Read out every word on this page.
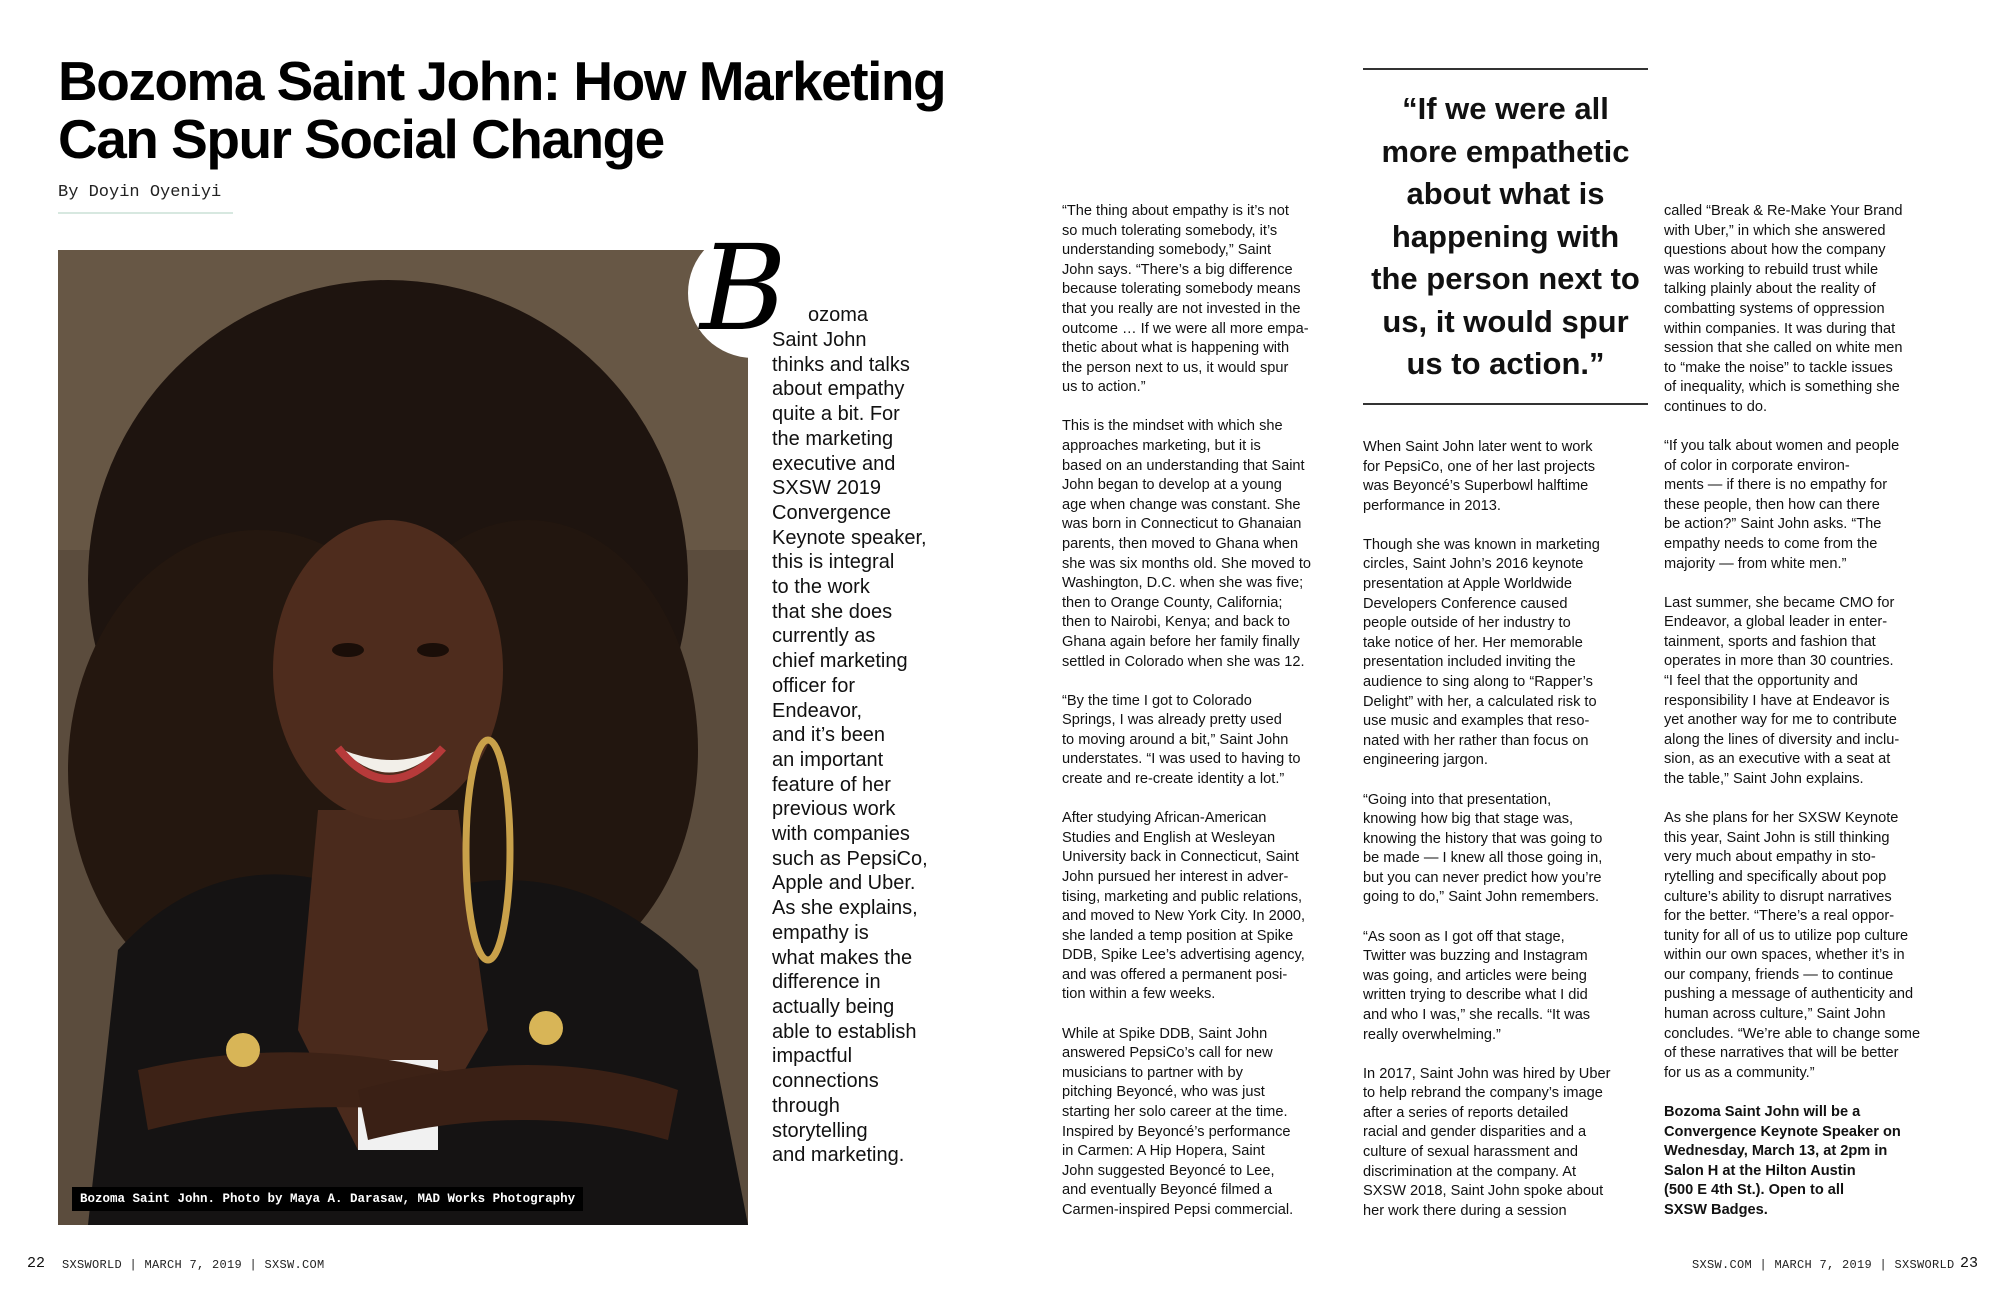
Bozoma Saint John: How Marketing Can Spur Social Change
By Doyin Oyeniyi
Bozoma Saint John. Photo by Maya A. Darasaw, MAD Works Photography
B ozoma
Saint John
thinks and talks
about empathy
quite a bit. For
the marketing
executive and
SXSW 2019
Convergence
Keynote speaker,
this is integral
to the work
that she does
currently as
chief marketing
officer for
Endeavor,
and it’s been
an important
feature of her
previous work
with companies
such as PepsiCo,
Apple and Uber.
As she explains,
empathy is
what makes the
difference in
actually being
able to establish
impactful
connections
through
storytelling
and marketing.

“The thing about empathy is it’s not
so much tolerating somebody, it’s
understanding somebody,” Saint
John says. “There’s a big difference
because tolerating somebody means
that you really are not invested in the
outcome … If we were all more empa-
thetic about what is happening with
the person next to us, it would spur
us to action.”

This is the mindset with which she
approaches marketing, but it is
based on an understanding that Saint
John began to develop at a young
age when change was constant. She
was born in Connecticut to Ghanaian
parents, then moved to Ghana when
she was six months old. She moved to
Washington, D.C. when she was five;
then to Orange County, California;
then to Nairobi, Kenya; and back to
Ghana again before her family finally
settled in Colorado when she was 12.

“By the time I got to Colorado
Springs, I was already pretty used
to moving around a bit,” Saint John
understates. “I was used to having to
create and re-create identity a lot.”

After studying African-American
Studies and English at Wesleyan
University back in Connecticut, Saint
John pursued her interest in adver-
tising, marketing and public relations,
and moved to New York City. In 2000,
she landed a temp position at Spike
DDB, Spike Lee’s advertising agency,
and was offered a permanent posi-
tion within a few weeks.

While at Spike DDB, Saint John
answered PepsiCo’s call for new
musicians to partner with by
pitching Beyoncé, who was just
starting her solo career at the time.
Inspired by Beyoncé’s performance
in Carmen: A Hip Hopera, Saint
John suggested Beyoncé to Lee,
and eventually Beyoncé filmed a
Carmen-inspired Pepsi commercial.

“If we were all
more empathetic
about what is
happening with
the person next to
us, it would spur
us to action.”

When Saint John later went to work
for PepsiCo, one of her last projects
was Beyoncé’s Superbowl halftime
performance in 2013.

Though she was known in marketing
circles, Saint John’s 2016 keynote
presentation at Apple Worldwide
Developers Conference caused
people outside of her industry to
take notice of her. Her memorable
presentation included inviting the
audience to sing along to “Rapper’s
Delight” with her, a calculated risk to
use music and examples that reso-
nated with her rather than focus on
engineering jargon.

“Going into that presentation,
knowing how big that stage was,
knowing the history that was going to
be made — I knew all those going in,
but you can never predict how you’re
going to do,” Saint John remembers.

“As soon as I got off that stage,
Twitter was buzzing and Instagram
was going, and articles were being
written trying to describe what I did
and who I was,” she recalls. “It was
really overwhelming.”

In 2017, Saint John was hired by Uber
to help rebrand the company’s image
after a series of reports detailed
racial and gender disparities and a
culture of sexual harassment and
discrimination at the company. At
SXSW 2018, Saint John spoke about
her work there during a session

called “Break & Re-Make Your Brand
with Uber,” in which she answered
questions about how the company
was working to rebuild trust while
talking plainly about the reality of
combatting systems of oppression
within companies. It was during that
session that she called on white men
to “make the noise” to tackle issues
of inequality, which is something she
continues to do.

“If you talk about women and people
of color in corporate environ-
ments — if there is no empathy for
these people, then how can there
be action?” Saint John asks. “The
empathy needs to come from the
majority — from white men.”

Last summer, she became CMO for
Endeavor, a global leader in enter-
tainment, sports and fashion that
operates in more than 30 countries.
“I feel that the opportunity and
responsibility I have at Endeavor is
yet another way for me to contribute
along the lines of diversity and inclu-
sion, as an executive with a seat at
the table,” Saint John explains.

As she plans for her SXSW Keynote
this year, Saint John is still thinking
very much about empathy in sto-
rytelling and specifically about pop
culture’s ability to disrupt narratives
for the better. “There’s a real oppor-
tunity for all of us to utilize pop culture
within our own spaces, whether it’s in
our company, friends — to continue
pushing a message of authenticity and
human across culture,” Saint John
concludes. “We’re able to change some
of these narratives that will be better
for us as a community.”

Bozoma Saint John will be a
Convergence Keynote Speaker on
Wednesday, March 13, at 2pm in
Salon H at the Hilton Austin
(500 E 4th St.). Open to all
SXSW Badges.

22 SXSWORLD | MARCH 7, 2019 | SXSW.COM	SXSW.COM | MARCH 7, 2019 | SXSWORLD 23
